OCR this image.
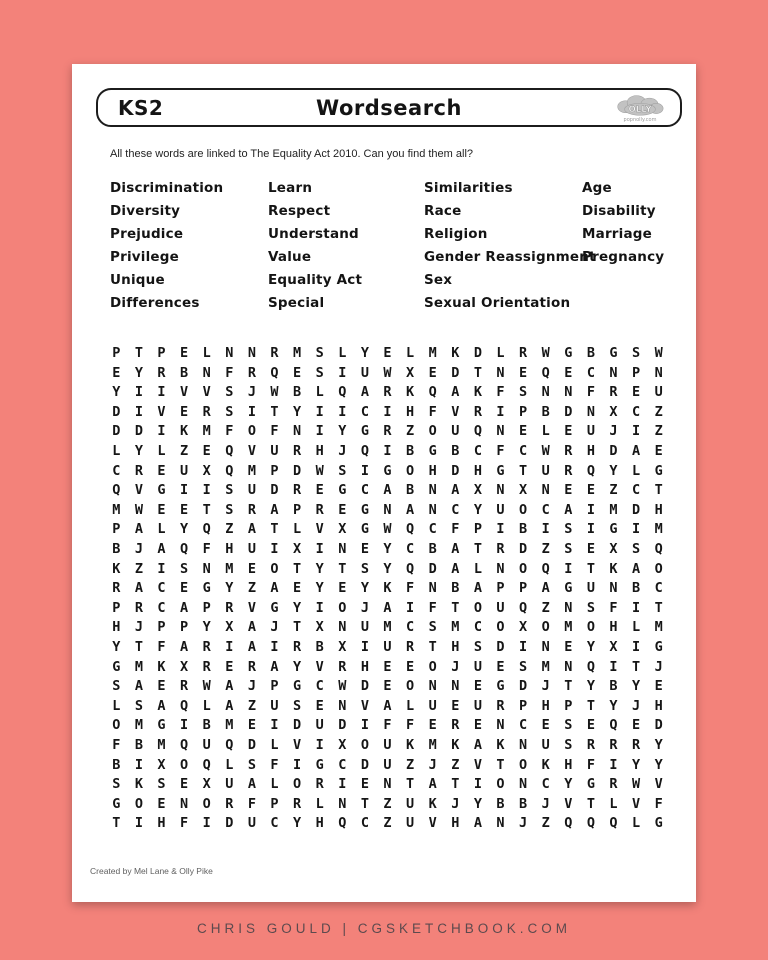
KS2	Wordsearch	OLLY
popnolly.com
All these words are linked to The Equality Act 2010. Can you find them all?
Discrimination
Diversity
Prejudice
Privilege
Unique
Differences
Learn
Respect
Understand
Value
Equality Act
Special
Similarities
Race
Religion
Gender Reassignment
Sex
Sexual Orientation
Age
Disability
Marriage
Pregnancy
P	T	P	E	L	N	N	R	M	S	L	Y	E	L	M	K	D	L	R	W	G	B	G	S	W
E	Y	R	B	N	F	R	Q	E	S	I	U	W	X	E	D	T	N	E	Q	E	C	N	P	N
Y	I	I	V	V	S	J	W	B	L	Q	A	R	K	Q	A	K	F	S	N	N	F	R	E	U
D	I	V	E	R	S	I	T	Y	I	I	C	I	H	F	V	R	I	P	B	D	N	X	C	Z
D	D	I	K	M	F	O	F	N	I	Y	G	R	Z	O	U	Q	N	E	L	E	U	J	I	Z
L	Y	L	Z	E	Q	V	U	R	H	J	Q	I	B	G	B	C	F	C	W	R	H	D	A	E
C	R	E	U	X	Q	M	P	D	W	S	I	G	O	H	D	H	G	T	U	R	Q	Y	L	G
Q	V	G	I	I	S	U	D	R	E	G	C	A	B	N	A	X	N	X	N	E	E	Z	C	T
M	W	E	E	T	S	R	A	P	R	E	G	N	A	N	C	Y	U	O	C	A	I	M	D	H
P	A	L	Y	Q	Z	A	T	L	V	X	G	W	Q	C	F	P	I	B	I	S	I	G	I	M
B	J	A	Q	F	H	U	I	X	I	N	E	Y	C	B	A	T	R	D	Z	S	E	X	S	Q
K	Z	I	S	N	M	E	O	T	Y	T	S	Y	Q	D	A	L	N	O	Q	I	T	K	A	O
R	A	C	E	G	Y	Z	A	E	Y	E	Y	K	F	N	B	A	P	P	A	G	U	N	B	C
P	R	C	A	P	R	V	G	Y	I	O	J	A	I	F	T	O	U	Q	Z	N	S	F	I	T
H	J	P	P	Y	X	A	J	T	X	N	U	M	C	S	M	C	O	X	O	M	O	H	L	M
Y	T	F	A	R	I	A	I	R	B	X	I	U	R	T	H	S	D	I	N	E	Y	X	I	G
G	M	K	X	R	E	R	A	Y	V	R	H	E	E	O	J	U	E	S	M	N	Q	I	T	J
S	A	E	R	W	A	J	P	G	C	W	D	E	O	N	N	E	G	D	J	T	Y	B	Y	E
L	S	A	Q	L	A	Z	U	S	E	N	V	A	L	U	E	U	R	P	H	P	T	Y	J	H
O	M	G	I	B	M	E	I	D	U	D	I	F	F	E	R	E	N	C	E	S	E	Q	E	D
F	B	M	Q	U	Q	D	L	V	I	X	O	U	K	M	K	A	K	N	U	S	R	R	R	Y
B	I	X	O	Q	L	S	F	I	G	C	D	U	Z	J	Z	V	T	O	K	H	F	I	Y	Y
S	K	S	E	X	U	A	L	O	R	I	E	N	T	A	T	I	O	N	C	Y	G	R	W	V
G	O	E	N	O	R	F	P	R	L	N	T	Z	U	K	J	Y	B	B	J	V	T	L	V	F
T	I	H	F	I	D	U	C	Y	H	Q	C	Z	U	V	H	A	N	J	Z	Q	Q	Q	L	G
Created by Mel Lane & Olly Pike
CHRIS GOULD | CGSKETCHBOOK.COM
